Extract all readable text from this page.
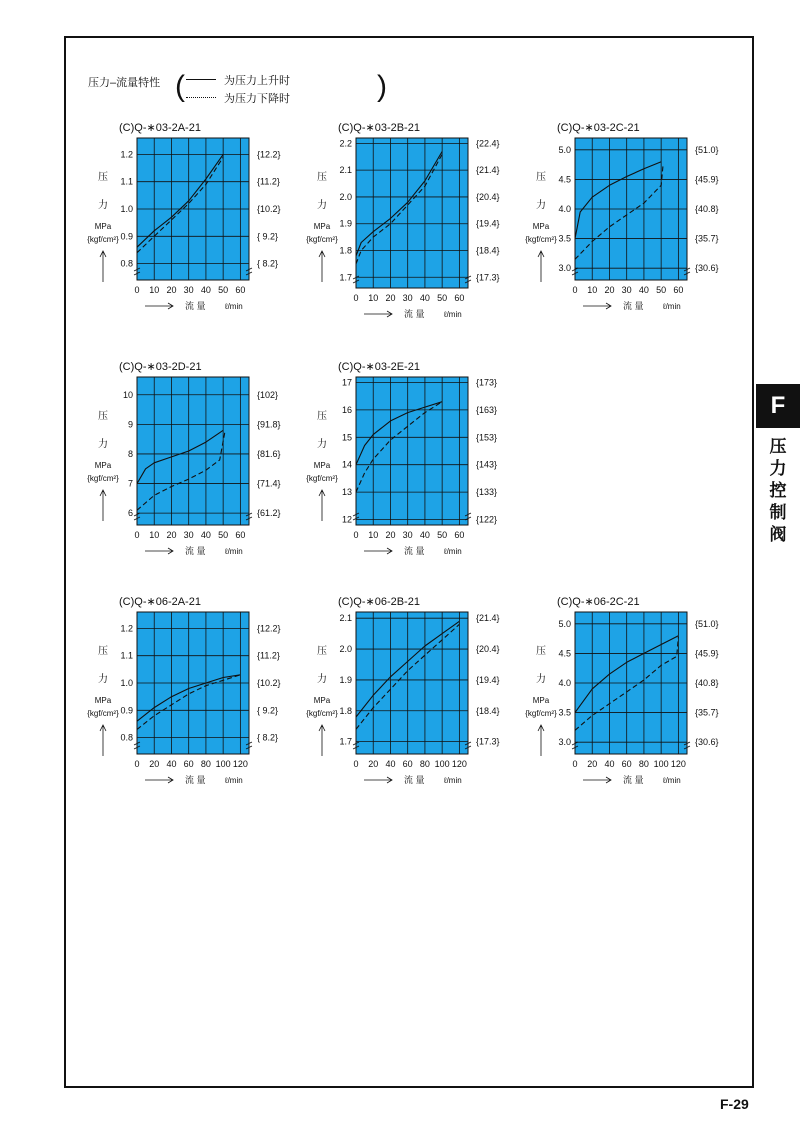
压力–流量特性 (	为压力上升时
为压力下降时	)
(C)Q-∗03-2A-21
0.8
0.9
1.0
1.1
1.2
{ 8.2}
{ 9.2}
{10.2}
{11.2}
{12.2}
0 10 20 30 40 50 60
压
力
MPa
{kgf/cm²}
流 量 ℓ/min
(C)Q-∗03-2B-21
1.7
1.8
1.9
2.0
2.1
2.2
{17.3}
{18.4}
{19.4}
{20.4}
{21.4}
{22.4}
0 10 20 30 40 50 60
压
力
MPa
{kgf/cm²}
流 量 ℓ/min
(C)Q-∗03-2C-21
3.0
3.5
4.0
4.5
5.0
{30.6}
{35.7}
{40.8}
{45.9}
{51.0}
0 10 20 30 40 50 60
压
力
MPa
{kgf/cm²}
流 量 ℓ/min
(C)Q-∗03-2D-21
6
7
8
9
10
{61.2}
{71.4}
{81.6}
{91.8}
{102}
0 10 20 30 40 50 60
压
力
MPa
{kgf/cm²}
流 量 ℓ/min
(C)Q-∗03-2E-21
12
13
14
15
16
17
{122}
{133}
{143}
{153}
{163}
{173}
0 10 20 30 40 50 60
压
力
MPa
{kgf/cm²}
流 量 ℓ/min
(C)Q-∗06-2A-21
0.8
0.9
1.0
1.1
1.2
{ 8.2}
{ 9.2}
{10.2}
{11.2}
{12.2}
0 20 40 60 80 100 120
压
力
MPa
{kgf/cm²}
流 量 ℓ/min
(C)Q-∗06-2B-21
1.7
1.8
1.9
2.0
2.1
{17.3}
{18.4}
{19.4}
{20.4}
{21.4}
0 20 40 60 80 100 120
压
力
MPa
{kgf/cm²}
流 量 ℓ/min
(C)Q-∗06-2C-21
3.0
3.5
4.0
4.5
5.0
{30.6}
{35.7}
{40.8}
{45.9}
{51.0}
0 20 40 60 80 100 120
压
力
MPa
{kgf/cm²}
流 量 ℓ/min
F
压
力
控
制
阀
F-29
